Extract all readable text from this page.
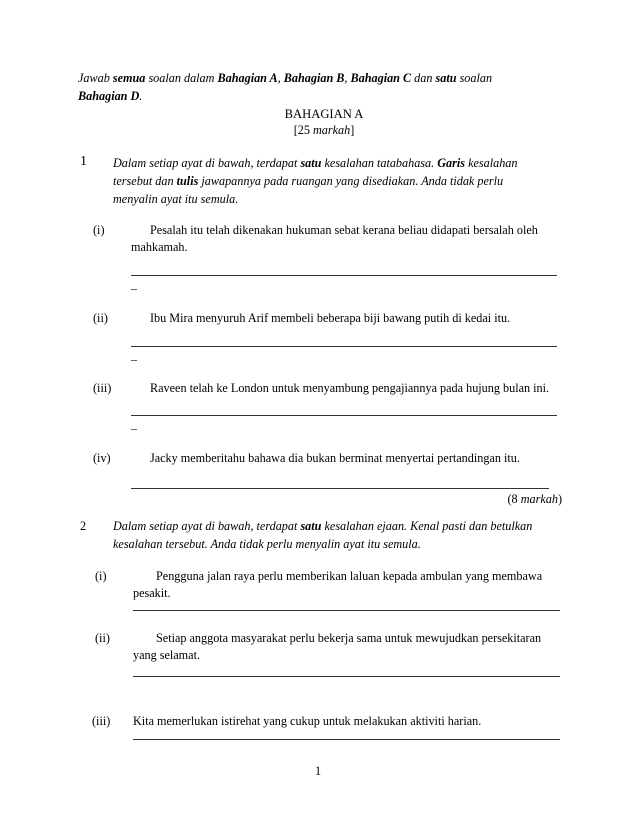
Jawab semua soalan dalam Bahagian A, Bahagian B, Bahagian C dan satu soalan
Bahagian D.
BAHAGIAN A
[25 markah]
1 Dalam setiap ayat di bawah, terdapat satu kesalahan tatabahasa. Garis kesalahan
tersebut dan tulis jawapannya pada ruangan yang disediakan. Anda tidak perlu
menyalin ayat itu semula.
(i)	Pesalah itu telah dikenakan hukuman sebat kerana beliau didapati bersalah oleh
mahkamah.
_
(ii)	Ibu Mira menyuruh Arif membeli beberapa biji bawang putih di kedai itu.
_
(iii)	Raveen telah ke London untuk menyambung pengajiannya pada hujung bulan ini.
_
(iv)	Jacky memberitahu bahawa dia bukan berminat menyertai pertandingan itu.
(8 markah)
2 Dalam setiap ayat di bawah, terdapat satu kesalahan ejaan. Kenal pasti dan betulkan
kesalahan tersebut. Anda tidak perlu menyalin ayat itu semula.
(i)	Pengguna jalan raya perlu memberikan laluan kepada ambulan yang membawa
pesakit.
(ii)	Setiap anggota masyarakat perlu bekerja sama untuk mewujudkan persekitaran
yang selamat.
(iii) Kita memerlukan istirehat yang cukup untuk melakukan aktiviti harian.
1
